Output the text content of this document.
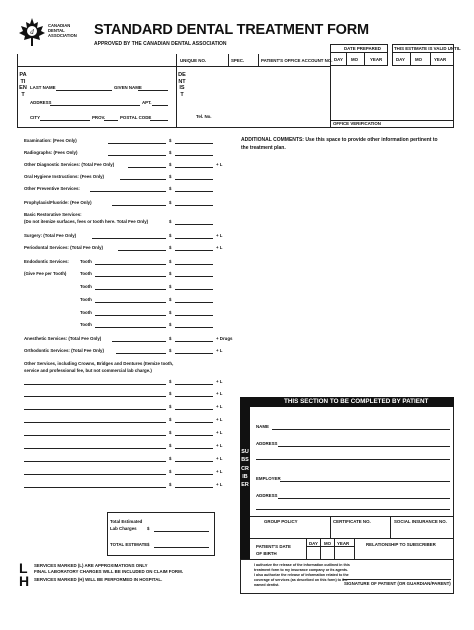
d
CANADIAN DENTAL ASSOCIATION STANDARD DENTAL TREATMENT FORM
APPROVED BY THE CANADIAN DENTAL ASSOCIATION
DATE PREPARED
DAY MO	YEAR
THIS ESTIMATE IS VALID UNTIL
DAY MO	YEAR
UNIQUE NO.	SPEC.	PATIENT'S OFFICE ACCOUNT NO.
OFFICE VERIFICATION
PATIENT
DENTIST
Tel. No.
LAST NAME	GIVEN NAME
ADDRESS	APT.
CITY	PROV.	POSTAL CODE
Examination: (Fees Only)	$
Radiographs: (Fees Only)	$
Other Diagnostic Services: (Total Fee Only)	$	+ L
Oral Hygiene Instructions: (Fees Only)	$
Other Preventive Services:	$
Prophylaxis/Fluoride: (Fee Only)	$
Basic Restorative Services:
(Do not itemize surfaces, fees or tooth here. Total Fee Only)	$
Surgery: (Total Fee Only)	$	+ L
Periodontal Services: (Total Fee Only)	$	+ L
Endodontic Services:
(Give Fee per Tooth)
Tooth	$
Tooth	$
Tooth	$
Tooth	$
Tooth	$
Tooth	$
Anesthetic Services: (Total Fee Only)	$	+ Drugs
Orthodontic Services: (Total Fee Only)	$	+ L
Other Services, including Crowns, Bridges and Dentures (Itemize tooth,
service and professional fee, but not commercial lab charge.)
$	+ L
$	+ L
$	+ L
$	+ L
$	+ L
$	+ L
$	+ L
$	+ L
$	+ L
ADDITIONAL COMMENTS: Use this space to provide other information pertinent to
the treatment plan.
Total Estimated
Lab Charges $
TOTAL ESTIMATE $
L
H
SERVICES MARKED (L) ARE APPROXIMATIONS ONLY
FINAL LABORATORY CHARGES WILL BE INCLUDED ON CLAIM FORM.
SERVICES MARKED (H) WILL BE PERFORMED IN HOSPITAL.
THIS SECTION TO BE COMPLETED BY PATIENT
SUBSCRIBER
NAME
ADDRESS
EMPLOYER
ADDRESS
GROUP POLICY	CERTIFICATE NO.	SOCIAL INSURANCE NO.
PATIENT'S DATE
OF BIRTH
DAY MO YEAR	RELATIONSHIP TO SUBSCRIBER
I authorize the release of the information outlined in this
treatment form to my insurance company or its agents.
I also authorize the release of information related to the
coverage of services (as described on this form) to the
named dentist.	SIGNATURE OF PATIENT (OR GUARDIAN/PARENT)
